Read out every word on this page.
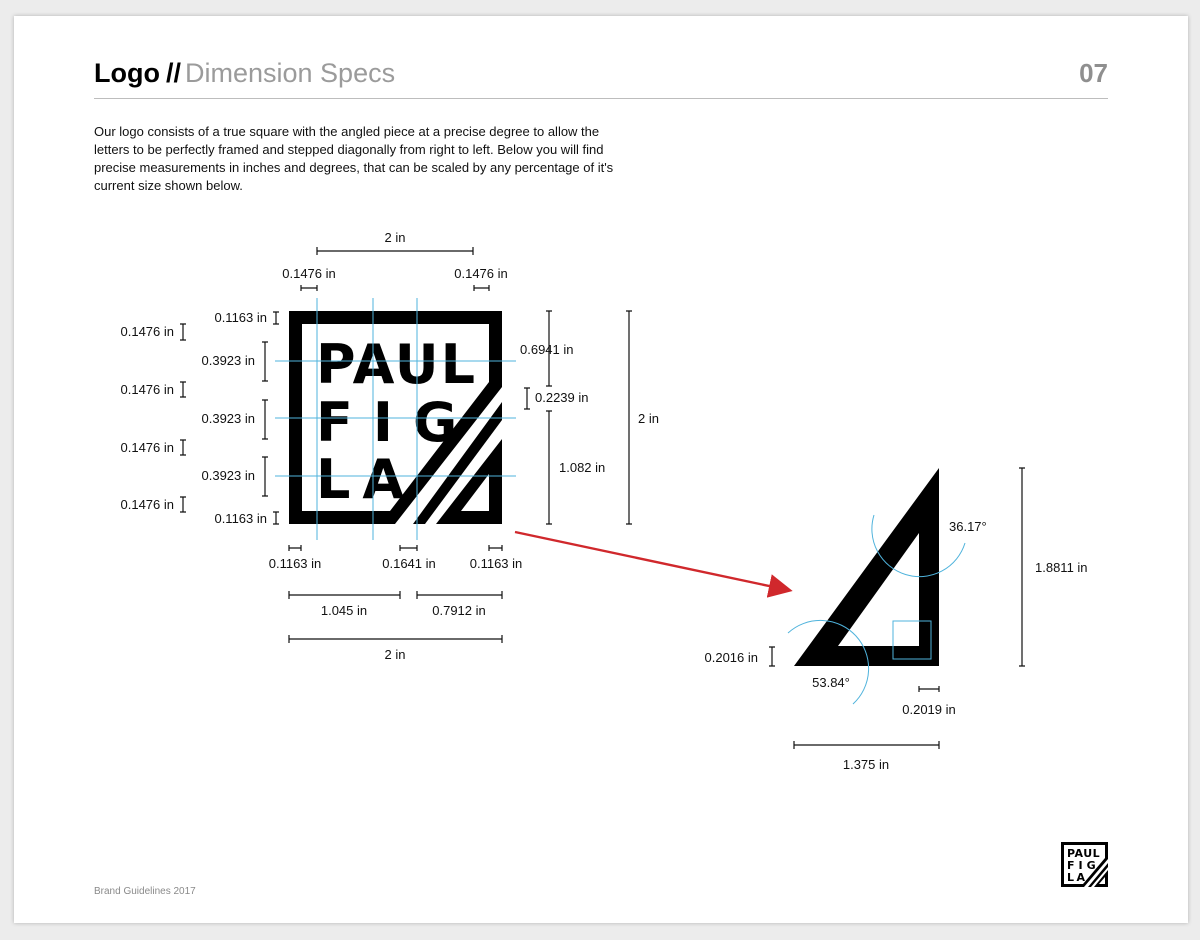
Logo // Dimension Specs	07
Our logo consists of a true square with the angled piece at a precise degree to allow the letters to be perfectly framed and stepped diagonally from right to left. Below you will find precise measurements in inches and degrees, that can be scaled by any percentage of it's current size shown below.
PAUL
FIG
LA
2 in
0.1476 in	0.1476 in
0.1476 in
0.1476 in
0.1476 in
0.1476 in
0.1163 in
0.3923 in
0.3923 in
0.3923 in
0.1163 in
0.6941 in
0.2239 in
1.082 in
2 in
0.1163 in	0.1641 in	0.1163 in
1.045 in	0.7912 in
2 in
36.17°
1.8811 in
0.2016 in
53.84°
0.2019 in
1.375 in
PAUL
FIG
LA
Brand Guidelines 2017
